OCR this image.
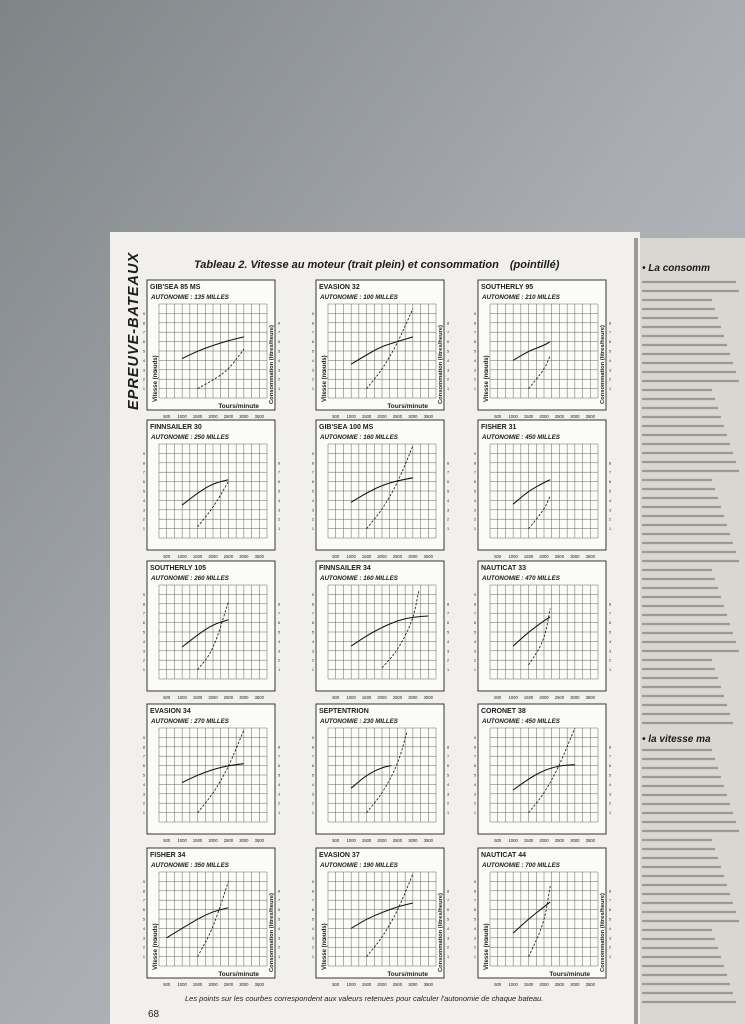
EPREUVE-BATEAUX	Tableau 2. Vitesse au moteur (trait plein) et consommation (pointillé)
GIB'SEA 85 MS
AUTONOMIE : 135 MILLES
500 1000 1500 2000 2500 3000 3500
1
2
3
4
5
6
7
8
9
1
2
3
4
5
6
7
8
Vitesse (nœuds)	Consommation (litres/heure)
Tours/minute
EVASION 32
AUTONOMIE : 100 MILLES
500 1000 1500 2000 2500 3000 3500
1
2
3
4
5
6
7
8
9
1
2
3
4
5
6
7
8
Vitesse (nœuds)	Consommation (litres/heure)
Tours/minute
SOUTHERLY 95
AUTONOMIE : 210 MILLES
500 1000 1500 2000 2500 3000 3500
1
2
3
4
5
6
7
8
9
1
2
3
4
5
6
7
8
Vitesse (nœuds)	Consommation (litres/heure)
FINNSAILER 30
AUTONOMIE : 250 MILLES
500 1000 1500 2000 2500 3000 3500
1
2
3
4
5
6
7
8
9
1
2
3
4
5
6
7
8
GIB'SEA 100 MS
AUTONOMIE : 160 MILLES
500 1000 1500 2000 2500 3000 3500
1
2
3
4
5
6
7
8
9
1
2
3
4
5
6
7
8
FISHER 31
AUTONOMIE : 450 MILLES
500 1000 1500 2000 2500 3000 3500
1
2
3
4
5
6
7
8
9
1
2
3
4
5
6
7
8
SOUTHERLY 105
AUTONOMIE : 260 MILLES
500 1000 1500 2000 2500 3000 3500
1
2
3
4
5
6
7
8
9
1
2
3
4
5
6
7
8
FINNSAILER 34
AUTONOMIE : 160 MILLES
500 1000 1500 2000 2500 3000 3500
1
2
3
4
5
6
7
8
9
1
2
3
4
5
6
7
8
NAUTICAT 33
AUTONOMIE : 470 MILLES
500 1000 1500 2000 2500 3000 3500
1
2
3
4
5
6
7
8
9
1
2
3
4
5
6
7
8
EVASION 34
AUTONOMIE : 270 MILLES
500 1000 1500 2000 2500 3000 3500
1
2
3
4
5
6
7
8
9
1
2
3
4
5
6
7
8
SEPTENTRION
AUTONOMIE : 230 MILLES
500 1000 1500 2000 2500 3000 3500
1
2
3
4
5
6
7
8
9
1
2
3
4
5
6
7
8
CORONET 38
AUTONOMIE : 450 MILLES
500 1000 1500 2000 2500 3000 3500
1
2
3
4
5
6
7
8
9
1
2
3
4
5
6
7
8
FISHER 34
AUTONOMIE : 350 MILLES
500 1000 1500 2000 2500 3000 3500
1
2
3
4
5
6
7
8
9
1
2
3
4
5
6
7
8
Vitesse (nœuds)	Consommation (litres/heure)
Tours/minute
EVASION 37
AUTONOMIE : 190 MILLES
500 1000 1500 2000 2500 3000 3500
1
2
3
4
5
6
7
8
9
1
2
3
4
5
6
7
8
Vitesse (nœuds)	Consommation (litres/heure)
Tours/minute
NAUTICAT 44
AUTONOMIE : 700 MILLES
500 1000 1500 2000 2500 3000 3500
1
2
3
4
5
6
7
8
9
1
2
3
4
5
6
7
8
Vitesse (nœuds)	Consommation (litres/heure)
Tours/minute
Les points sur les courbes correspondent aux valeurs retenues pour calculer l'autonomie de chaque bateau.
68
• La consomm
• la vitesse ma
